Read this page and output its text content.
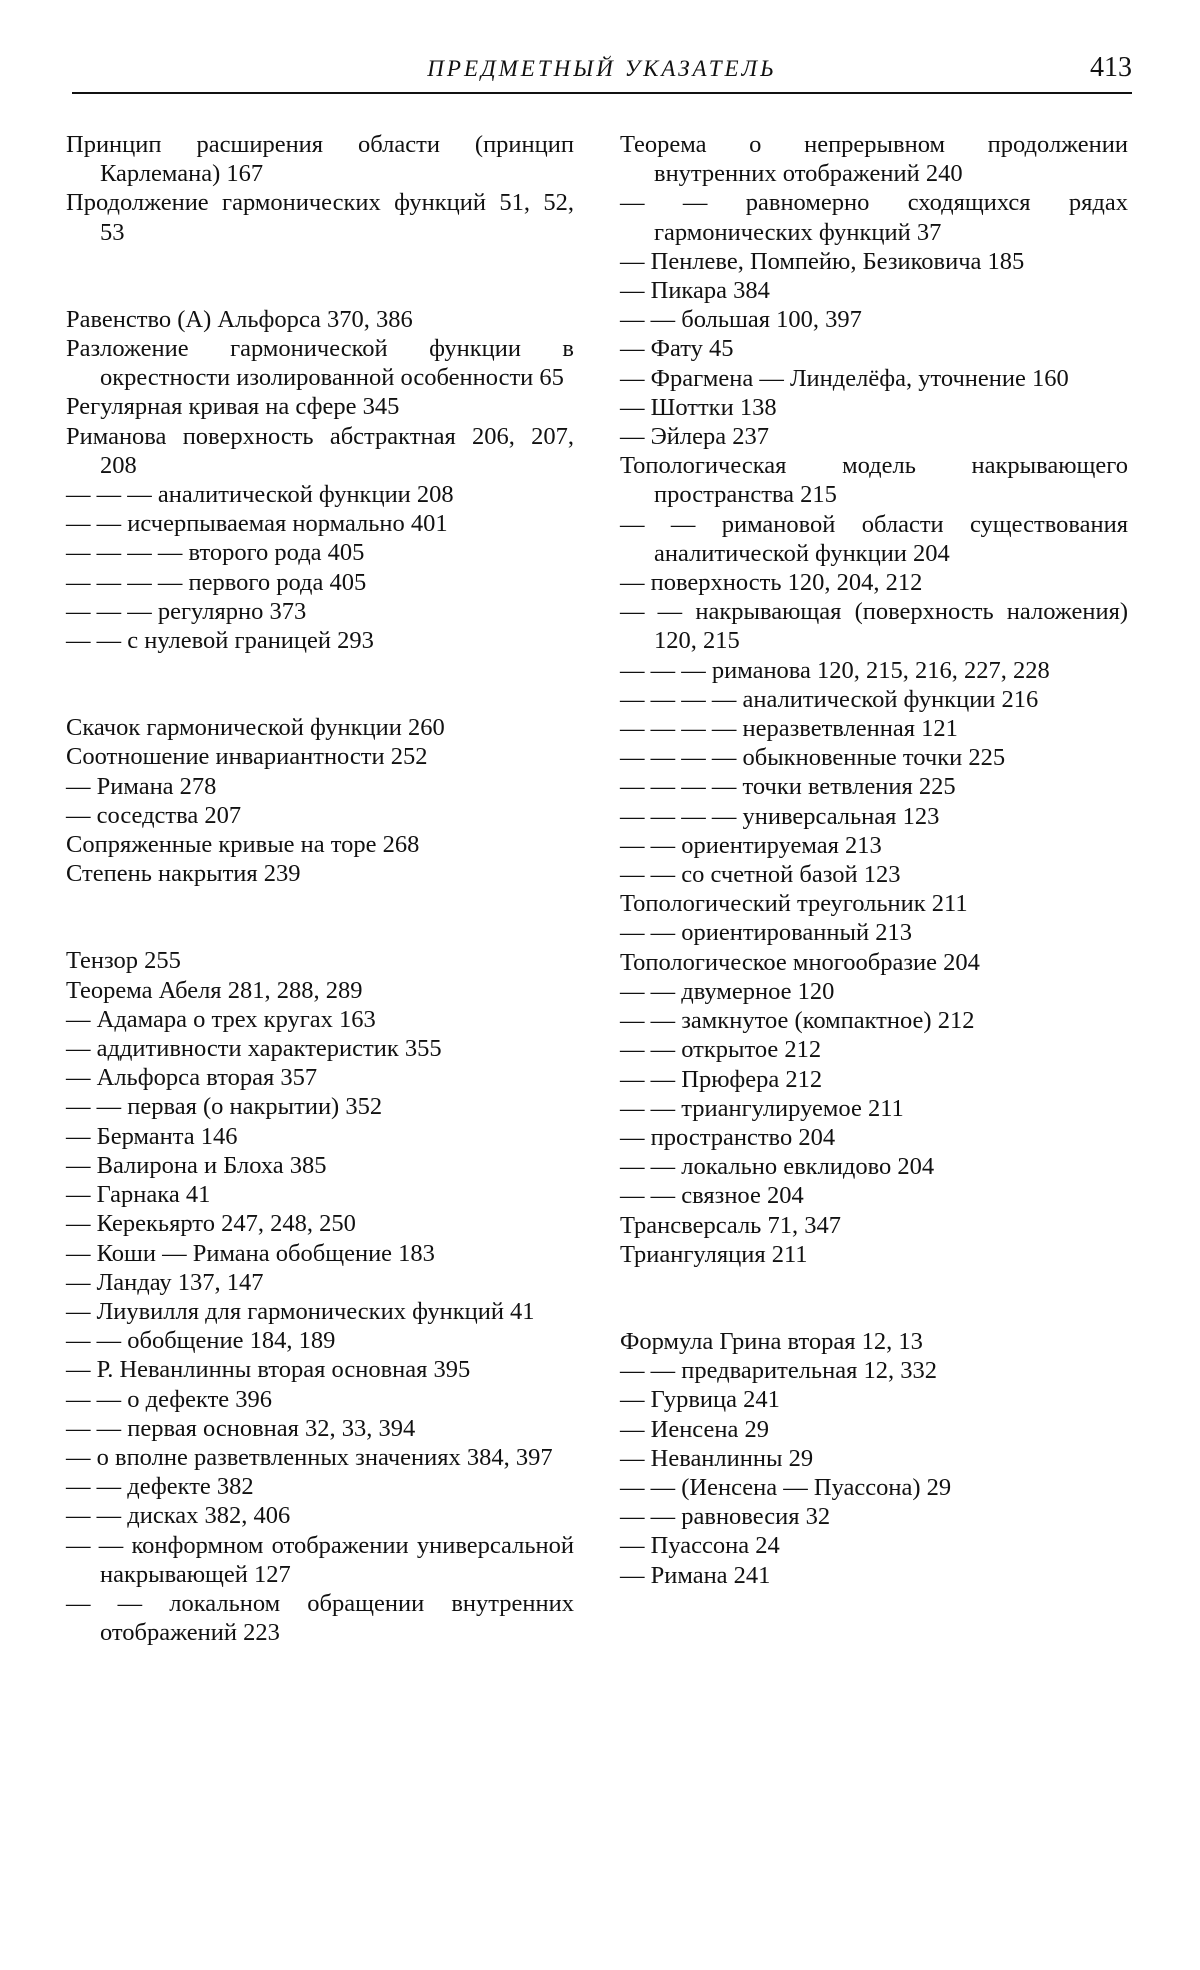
ПРЕДМЕТНЫЙ УКАЗАТЕЛЬ	413
Принцип расширения области (принцип Карлемана) 167
Продолжение гармонических функций 51, 52, 53
Равенство (А) Альфорса 370, 386
Разложение гармонической функции в окрестности изолированной особенности 65
Регулярная кривая на сфере 345
Риманова поверхность абстрактная 206, 207, 208
— — — аналитической функции 208
— — исчерпываемая нормально 401
— — — — второго рода 405
— — — — первого рода 405
— — — регулярно 373
— — с нулевой границей 293
Скачок гармонической функции 260
Соотношение инвариантности 252
— Римана 278
— соседства 207
Сопряженные кривые на торе 268
Степень накрытия 239
Тензор 255
Теорема Абеля 281, 288, 289
— Адамара о трех кругах 163
— аддитивности характеристик 355
— Альфорса вторая 357
— — первая (о накрытии) 352
— Берманта 146
— Валирона и Блоха 385
— Гарнака 41
— Керекьярто 247, 248, 250
— Коши — Римана обобщение 183
— Ландау 137, 147
— Лиувилля для гармонических функций 41
— — обобщение 184, 189
— Р. Неванлинны вторая основная 395
— — о дефекте 396
— — первая основная 32, 33, 394
— о вполне разветвленных значениях 384, 397
— — дефекте 382
— — дисках 382, 406
— — конформном отображении универсальной накрывающей 127
— — локальном обращении внутренних отображений 223
Теорема о непрерывном продолжении внутренних отображений 240
— — равномерно сходящихся рядах гармонических функций 37
— Пенлеве, Помпейю, Безиковича 185
— Пикара 384
— — большая 100, 397
— Фату 45
— Фрагмена — Линделёфа, уточнение 160
— Шоттки 138
— Эйлера 237
Топологическая модель накрывающего пространства 215
— — римановой области существования аналитической функции 204
— поверхность 120, 204, 212
— — накрывающая (поверхность наложения) 120, 215
— — — риманова 120, 215, 216, 227, 228
— — — — аналитической функции 216
— — — — неразветвленная 121
— — — — обыкновенные точки 225
— — — — точки ветвления 225
— — — — универсальная 123
— — ориентируемая 213
— — со счетной базой 123
Топологический треугольник 211
— — ориентированный 213
Топологическое многообразие 204
— — двумерное 120
— — замкнутое (компактное) 212
— — открытое 212
— — Прюфера 212
— — триангулируемое 211
— пространство 204
— — локально евклидово 204
— — связное 204
Трансверсаль 71, 347
Триангуляция 211
Формула Грина вторая 12, 13
— — предварительная 12, 332
— Гурвица 241
— Иенсена 29
— Неванлинны 29
— — (Иенсена — Пуассона) 29
— — равновесия 32
— Пуассона 24
— Римана 241
